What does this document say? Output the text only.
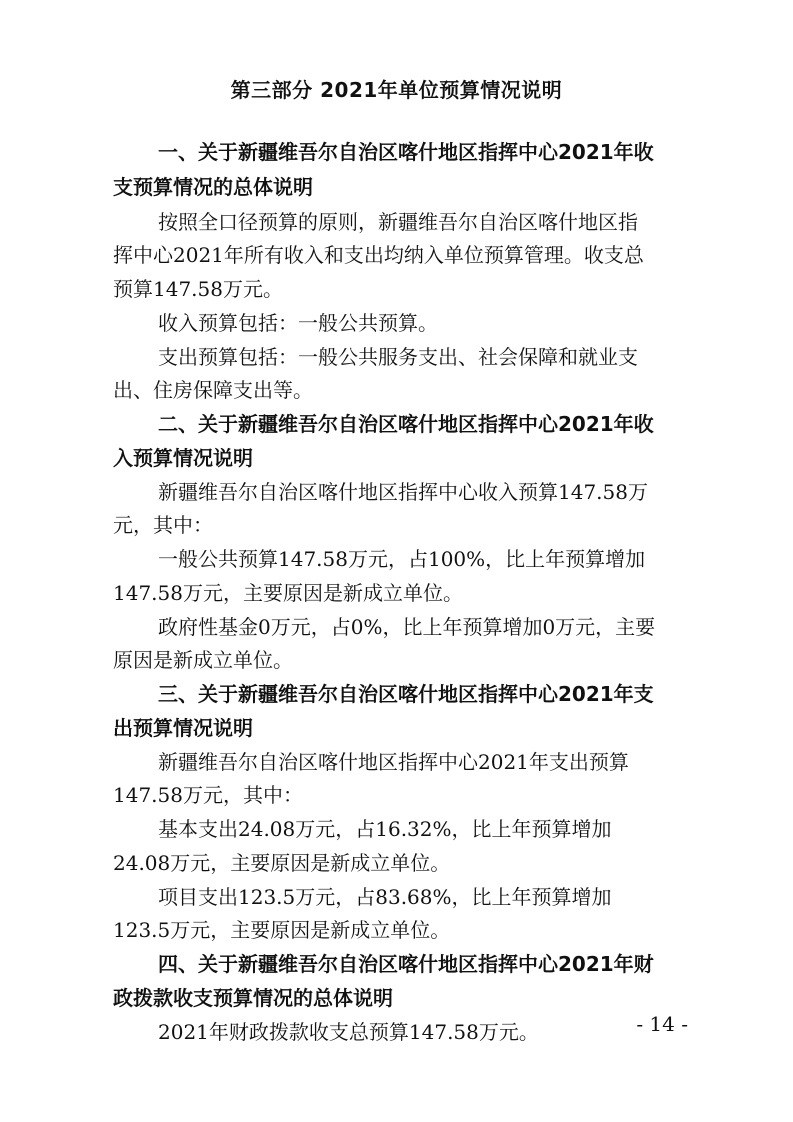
第三部分 2021年单位预算情况说明
一、关于新疆维吾尔自治区喀什地区指挥中心2021年收
支预算情况的总体说明
按照全口径预算的原则，新疆维吾尔自治区喀什地区指
挥中心2021年所有收入和支出均纳入单位预算管理。收支总
预算147.58万元。
收入预算包括：一般公共预算。
支出预算包括：一般公共服务支出、社会保障和就业支
出、住房保障支出等。
二、关于新疆维吾尔自治区喀什地区指挥中心2021年收
入预算情况说明
新疆维吾尔自治区喀什地区指挥中心收入预算147.58万
元，其中：
一般公共预算147.58万元，占100%，比上年预算增加
147.58万元，主要原因是新成立单位。
政府性基金0万元，占0%，比上年预算增加0万元，主要
原因是新成立单位。
三、关于新疆维吾尔自治区喀什地区指挥中心2021年支
出预算情况说明
新疆维吾尔自治区喀什地区指挥中心2021年支出预算
147.58万元，其中：
基本支出24.08万元，占16.32%，比上年预算增加
24.08万元，主要原因是新成立单位。
项目支出123.5万元，占83.68%，比上年预算增加
123.5万元，主要原因是新成立单位。
四、关于新疆维吾尔自治区喀什地区指挥中心2021年财
政拨款收支预算情况的总体说明
2021年财政拨款收支总预算147.58万元。	- 14 -
